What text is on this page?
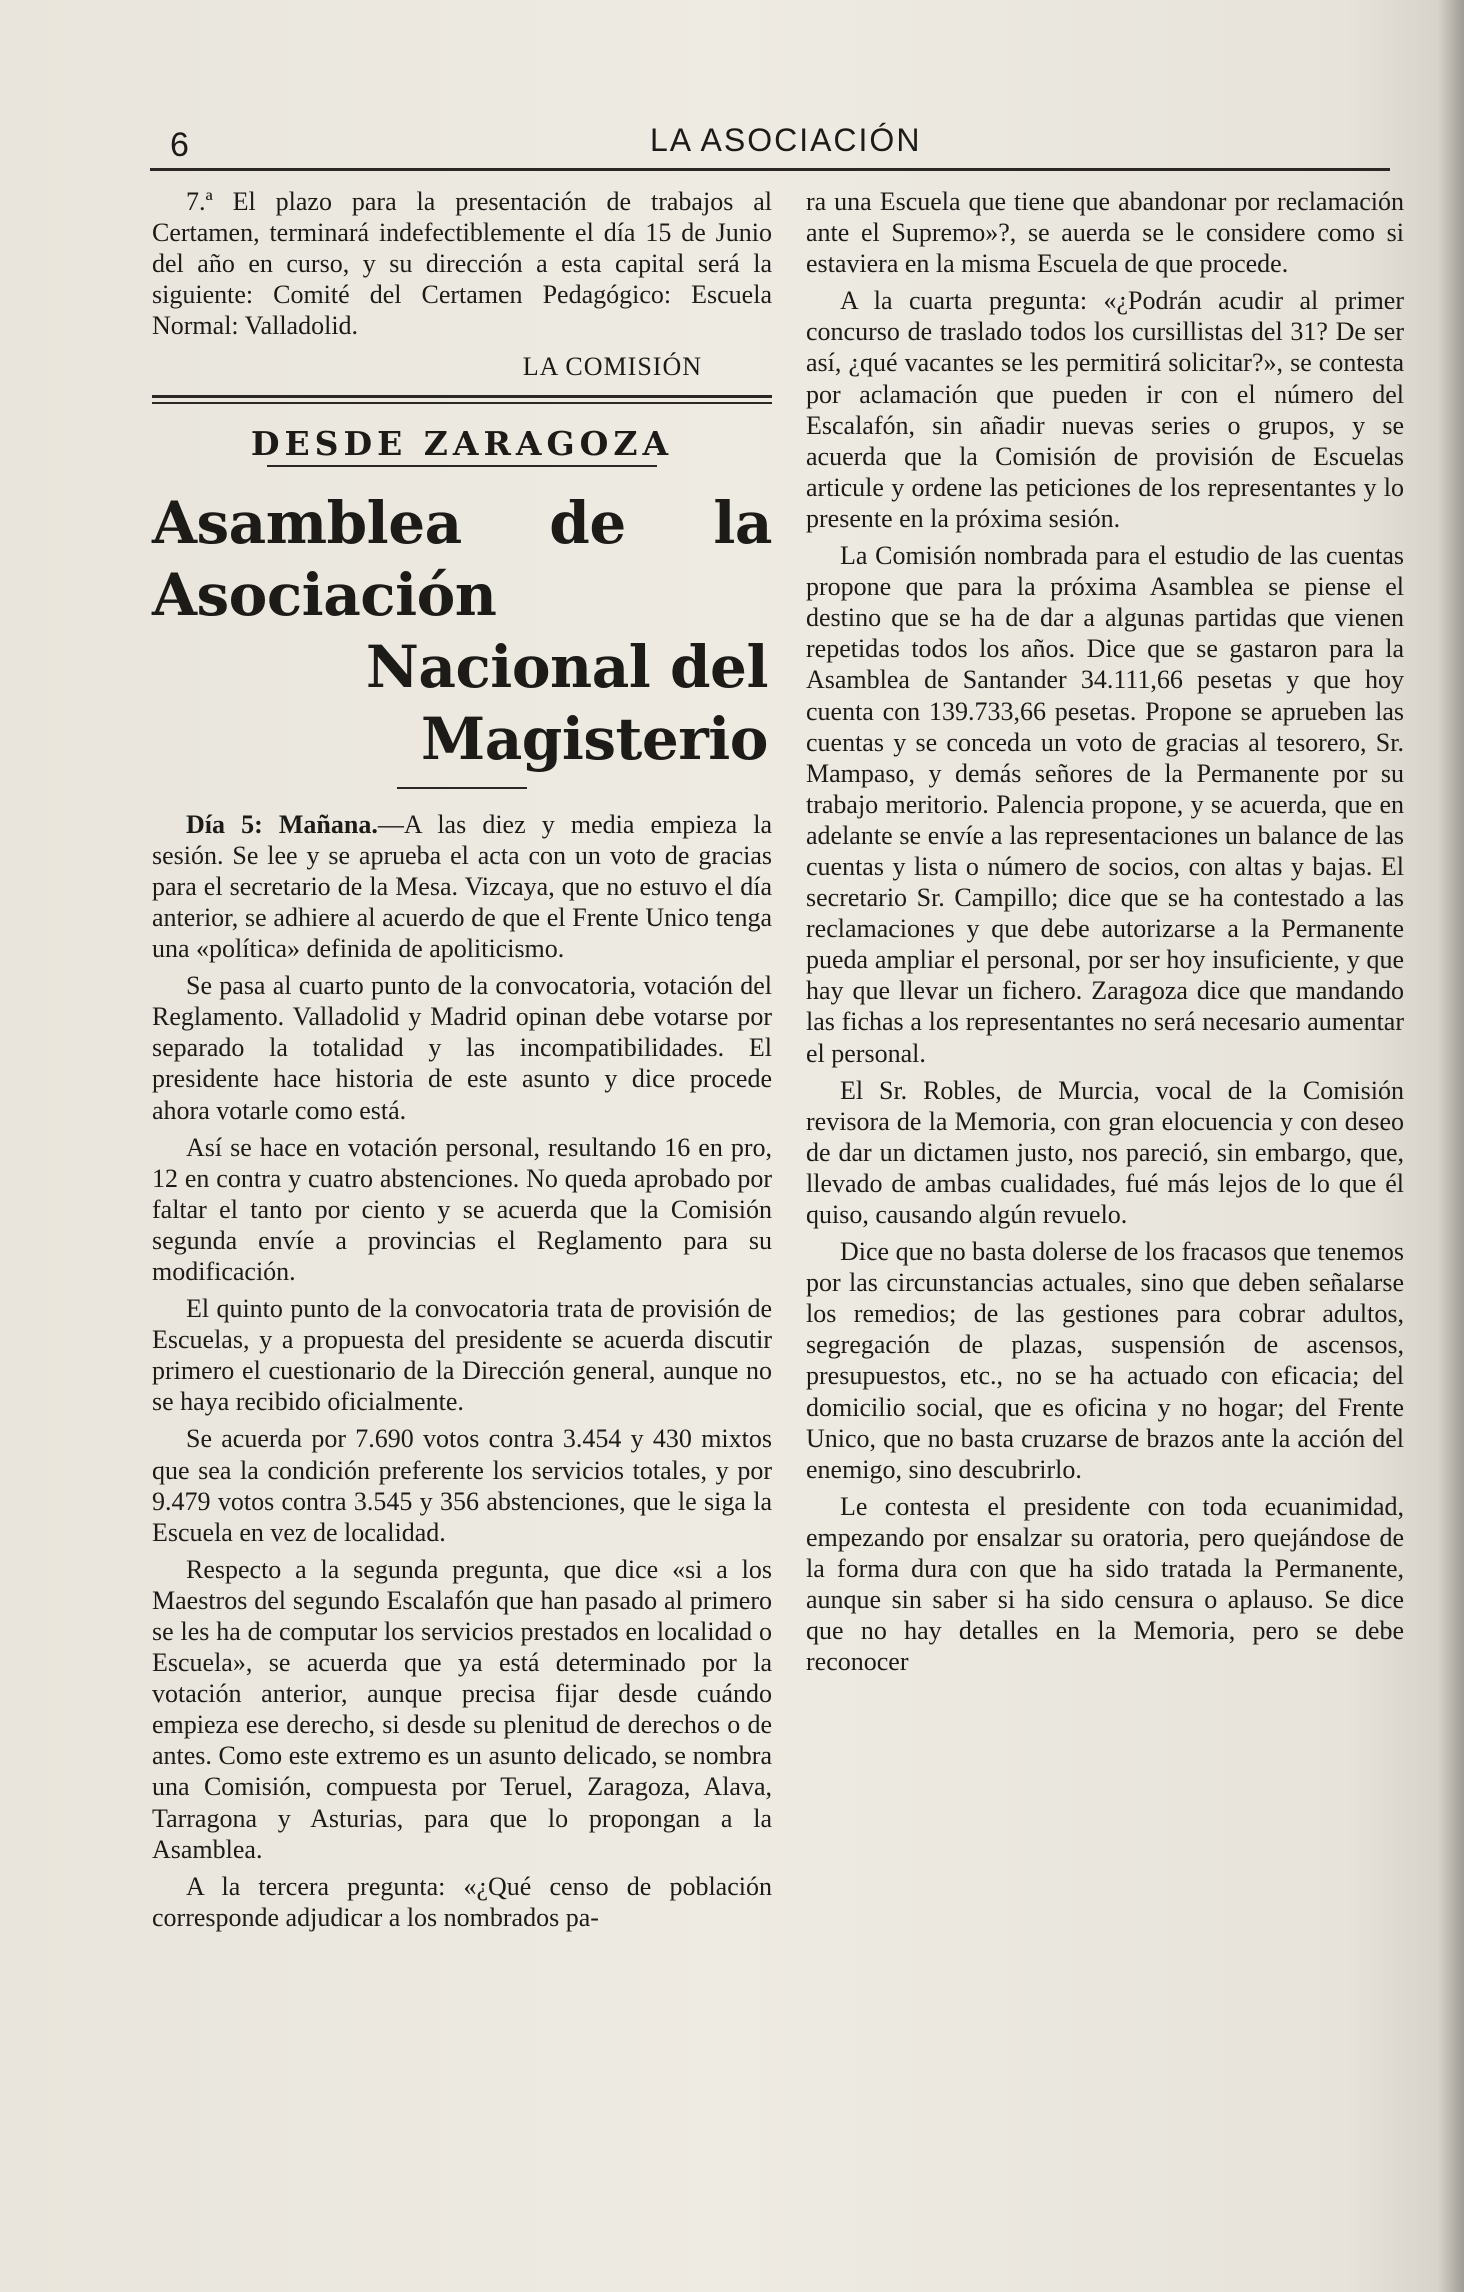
6	LA ASOCIACIÓN

7.ª El plazo para la presentación de trabajos al Certamen, terminará indefectiblemente el día 15 de Junio del año en curso, y su dirección a esta capital será la siguiente: Comité del Certamen Pedagógico: Escuela Normal: Valladolid.

LA COMISIÓN
DESDE ZARAGOZA
Asamblea de la Asociación
Nacional del Magisterio

Día 5: Mañana.—A las diez y media empieza la sesión. Se lee y se aprueba el acta con un voto de gracias para el secretario de la Mesa. Vizcaya, que no estuvo el día anterior, se adhiere al acuerdo de que el Frente Unico tenga una «política» definida de apoliticismo.

Se pasa al cuarto punto de la convocatoria, votación del Reglamento. Valladolid y Madrid opinan debe votarse por separado la totalidad y las incompatibilidades. El presidente hace historia de este asunto y dice procede ahora votarle como está.

Así se hace en votación personal, resultando 16 en pro, 12 en contra y cuatro abstenciones. No queda aprobado por faltar el tanto por ciento y se acuerda que la Comisión segunda envíe a provincias el Reglamento para su modificación.

El quinto punto de la convocatoria trata de provisión de Escuelas, y a propuesta del presidente se acuerda discutir primero el cuestionario de la Dirección general, aunque no se haya recibido oficialmente.

Se acuerda por 7.690 votos contra 3.454 y 430 mixtos que sea la condición preferente los servicios totales, y por 9.479 votos contra 3.545 y 356 abstenciones, que le siga la Escuela en vez de localidad.

Respecto a la segunda pregunta, que dice «si a los Maestros del segundo Escalafón que han pasado al primero se les ha de computar los servicios prestados en localidad o Escuela», se acuerda que ya está determinado por la votación anterior, aunque precisa fijar desde cuándo empieza ese derecho, si desde su plenitud de derechos o de antes. Como este extremo es un asunto delicado, se nombra una Comisión, compuesta por Teruel, Zaragoza, Alava, Tarragona y Asturias, para que lo propongan a la Asamblea.

A la tercera pregunta: «¿Qué censo de población corresponde adjudicar a los nombrados pa-

ra una Escuela que tiene que abandonar por reclamación ante el Supremo»?, se auerda se le considere como si estaviera en la misma Escuela de que procede.

A la cuarta pregunta: «¿Podrán acudir al primer concurso de traslado todos los cursillistas del 31? De ser así, ¿qué vacantes se les permitirá solicitar?», se contesta por aclamación que pueden ir con el número del Escalafón, sin añadir nuevas series o grupos, y se acuerda que la Comisión de provisión de Escuelas articule y ordene las peticiones de los representantes y lo presente en la próxima sesión.

La Comisión nombrada para el estudio de las cuentas propone que para la próxima Asamblea se piense el destino que se ha de dar a algunas partidas que vienen repetidas todos los años. Dice que se gastaron para la Asamblea de Santander 34.111,66 pesetas y que hoy cuenta con 139.733,66 pesetas. Propone se aprueben las cuentas y se conceda un voto de gracias al tesorero, Sr. Mampaso, y demás señores de la Permanente por su trabajo meritorio. Palencia propone, y se acuerda, que en adelante se envíe a las representaciones un balance de las cuentas y lista o número de socios, con altas y bajas. El secretario Sr. Campillo; dice que se ha contestado a las reclamaciones y que debe autorizarse a la Permanente pueda ampliar el personal, por ser hoy insuficiente, y que hay que llevar un fichero. Zaragoza dice que mandando las fichas a los representantes no será necesario aumentar el personal.

El Sr. Robles, de Murcia, vocal de la Comisión revisora de la Memoria, con gran elocuencia y con deseo de dar un dictamen justo, nos pareció, sin embargo, que, llevado de ambas cualidades, fué más lejos de lo que él quiso, causando algún revuelo.

Dice que no basta dolerse de los fracasos que tenemos por las circunstancias actuales, sino que deben señalarse los remedios; de las gestiones para cobrar adultos, segregación de plazas, suspensión de ascensos, presupuestos, etc., no se ha actuado con eficacia; del domicilio social, que es oficina y no hogar; del Frente Unico, que no basta cruzarse de brazos ante la acción del enemigo, sino descubrirlo.

Le contesta el presidente con toda ecuanimidad, empezando por ensalzar su oratoria, pero quejándose de la forma dura con que ha sido tratada la Permanente, aunque sin saber si ha sido censura o aplauso. Se dice que no hay detalles en la Memoria, pero se debe reconocer
